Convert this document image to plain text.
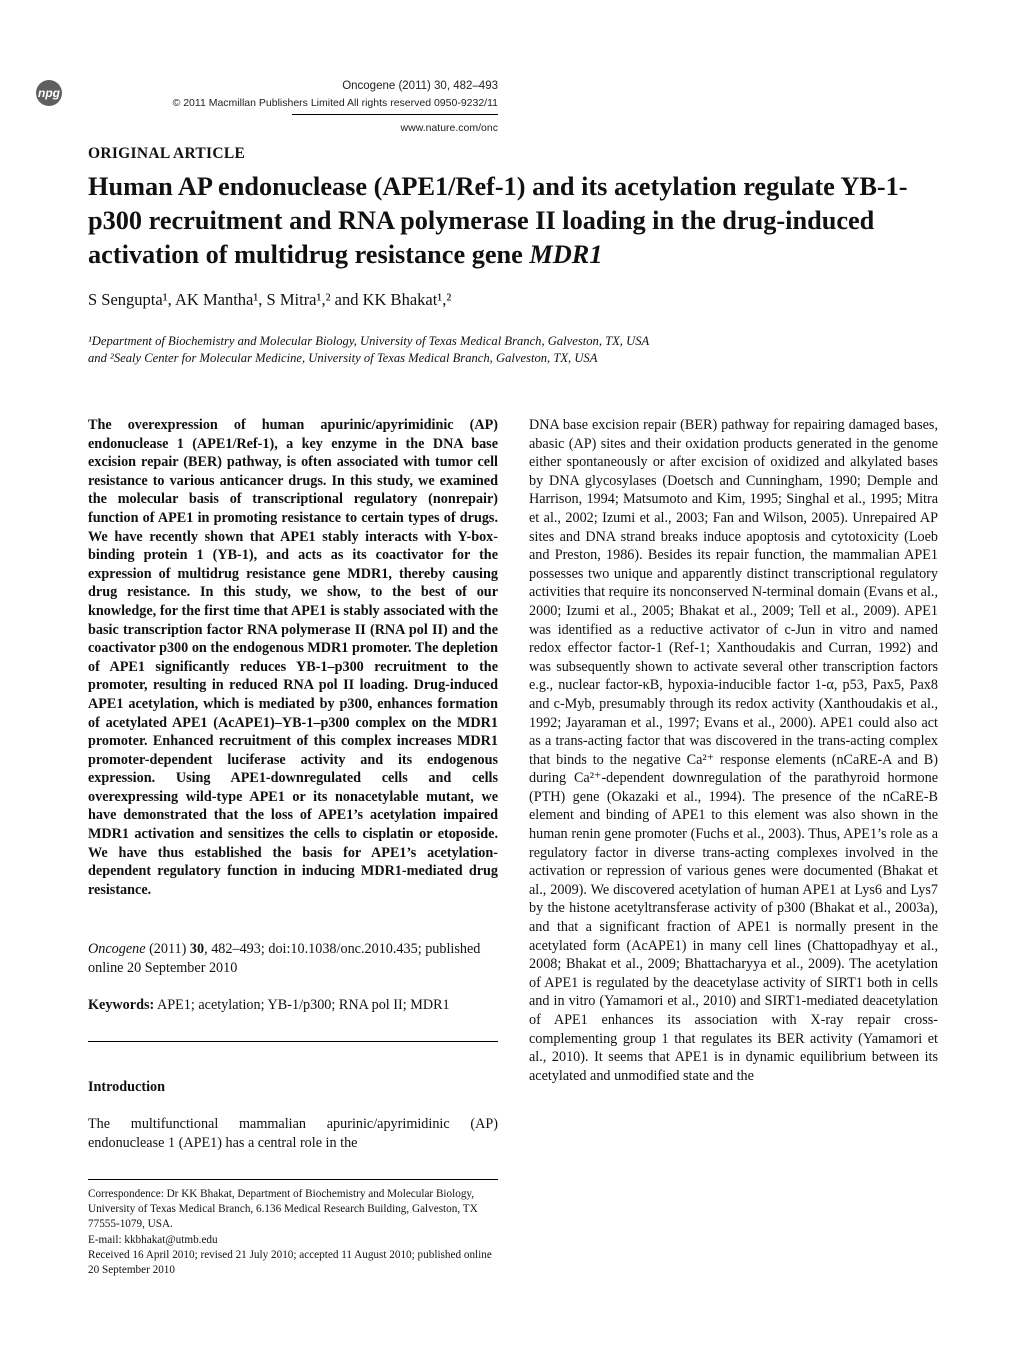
npg	Oncogene (2011) 30, 482–493
© 2011 Macmillan Publishers Limited All rights reserved 0950-9232/11
www.nature.com/onc
ORIGINAL ARTICLE
Human AP endonuclease (APE1/Ref-1) and its acetylation regulate YB-1-p300 recruitment and RNA polymerase II loading in the drug-induced activation of multidrug resistance gene MDR1
S Sengupta¹, AK Mantha¹, S Mitra¹,² and KK Bhakat¹,²
¹Department of Biochemistry and Molecular Biology, University of Texas Medical Branch, Galveston, TX, USA
and ²Sealy Center for Molecular Medicine, University of Texas Medical Branch, Galveston, TX, USA

The overexpression of human apurinic/apyrimidinic (AP) endonuclease 1 (APE1/Ref-1), a key enzyme in the DNA base excision repair (BER) pathway, is often associated with tumor cell resistance to various anticancer drugs. In this study, we examined the molecular basis of transcriptional regulatory (nonrepair) function of APE1 in promoting resistance to certain types of drugs. We have recently shown that APE1 stably interacts with Y-box-binding protein 1 (YB-1), and acts as its coactivator for the expression of multidrug resistance gene MDR1, thereby causing drug resistance. In this study, we show, to the best of our knowledge, for the first time that APE1 is stably associated with the basic transcription factor RNA polymerase II (RNA pol II) and the coactivator p300 on the endogenous MDR1 promoter. The depletion of APE1 significantly reduces YB-1–p300 recruitment to the promoter, resulting in reduced RNA pol II loading. Drug-induced APE1 acetylation, which is mediated by p300, enhances formation of acetylated APE1 (AcAPE1)–YB-1–p300 complex on the MDR1 promoter. Enhanced recruitment of this complex increases MDR1 promoter-dependent luciferase activity and its endogenous expression. Using APE1-downregulated cells and cells overexpressing wild-type APE1 or its nonacetylable mutant, we have demonstrated that the loss of APE1’s acetylation impaired MDR1 activation and sensitizes the cells to cisplatin or etoposide. We have thus established the basis for APE1’s acetylation-dependent regulatory function in inducing MDR1-mediated drug resistance.

Oncogene (2011) 30, 482–493; doi:10.1038/onc.2010.435; published online 20 September 2010
Keywords: APE1; acetylation; YB-1/p300; RNA pol II; MDR1
Introduction

The multifunctional mammalian apurinic/apyrimidinic (AP) endonuclease 1 (APE1) has a central role in the

Correspondence: Dr KK Bhakat, Department of Biochemistry and Molecular Biology, University of Texas Medical Branch, 6.136 Medical Research Building, Galveston, TX 77555-1079, USA.
E-mail: kkbhakat@utmb.edu
Received 16 April 2010; revised 21 July 2010; accepted 11 August 2010; published online 20 September 2010

DNA base excision repair (BER) pathway for repairing damaged bases, abasic (AP) sites and their oxidation products generated in the genome either spontaneously or after excision of oxidized and alkylated bases by DNA glycosylases (Doetsch and Cunningham, 1990; Demple and Harrison, 1994; Matsumoto and Kim, 1995; Singhal et al., 1995; Mitra et al., 2002; Izumi et al., 2003; Fan and Wilson, 2005). Unrepaired AP sites and DNA strand breaks induce apoptosis and cytotoxicity (Loeb and Preston, 1986). Besides its repair function, the mammalian APE1 possesses two unique and apparently distinct transcriptional regulatory activities that require its nonconserved N-terminal domain (Evans et al., 2000; Izumi et al., 2005; Bhakat et al., 2009; Tell et al., 2009). APE1 was identified as a reductive activator of c-Jun in vitro and named redox effector factor-1 (Ref-1; Xanthoudakis and Curran, 1992) and was subsequently shown to activate several other transcription factors e.g., nuclear factor-κB, hypoxia-inducible factor 1-α, p53, Pax5, Pax8 and c-Myb, presumably through its redox activity (Xanthoudakis et al., 1992; Jayaraman et al., 1997; Evans et al., 2000). APE1 could also act as a trans-acting factor that was discovered in the trans-acting complex that binds to the negative Ca²⁺ response elements (nCaRE-A and B) during Ca²⁺-dependent downregulation of the parathyroid hormone (PTH) gene (Okazaki et al., 1994). The presence of the nCaRE-B element and binding of APE1 to this element was also shown in the human renin gene promoter (Fuchs et al., 2003). Thus, APE1’s role as a regulatory factor in diverse trans-acting complexes involved in the activation or repression of various genes were documented (Bhakat et al., 2009). We discovered acetylation of human APE1 at Lys6 and Lys7 by the histone acetyltransferase activity of p300 (Bhakat et al., 2003a), and that a significant fraction of APE1 is normally present in the acetylated form (AcAPE1) in many cell lines (Chattopadhyay et al., 2008; Bhakat et al., 2009; Bhattacharyya et al., 2009). The acetylation of APE1 is regulated by the deacetylase activity of SIRT1 both in cells and in vitro (Yamamori et al., 2010) and SIRT1-mediated deacetylation of APE1 enhances its association with X-ray repair cross-complementing group 1 that regulates its BER activity (Yamamori et al., 2010). It seems that APE1 is in dynamic equilibrium between its acetylated and unmodified state and the
